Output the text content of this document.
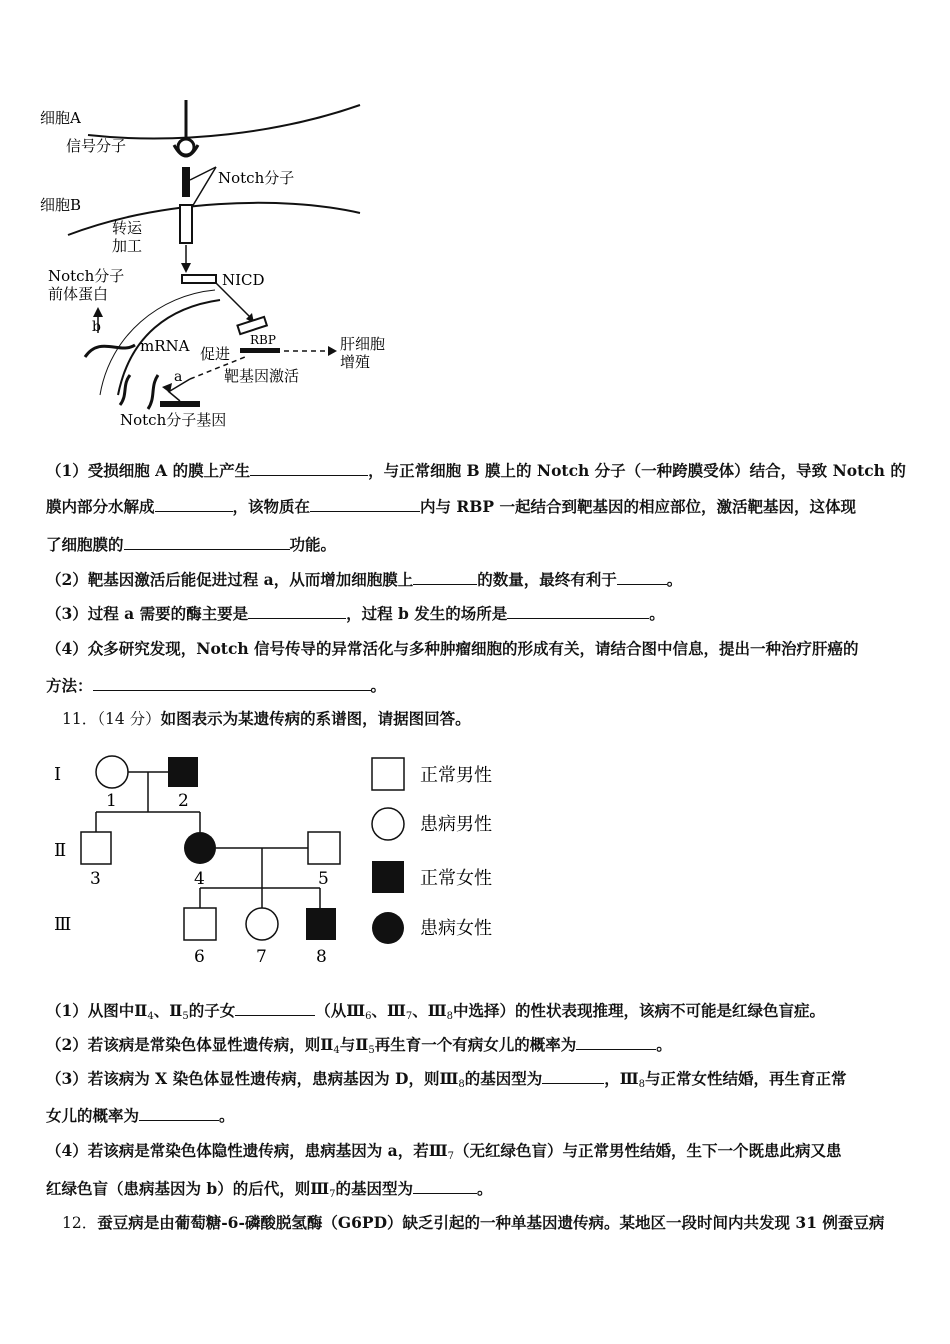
细胞A
信号分子
Notch分子
细胞B
转运
加工
NICD
Notch分子
前体蛋白
b
mRNA 促进
RBP	肝细胞
增殖
a	靶基因激活
Notch分子基因
（1）受损细胞 A 的膜上产生	，与正常细胞 B 膜上的 Notch 分子（一种跨膜受体）结合，导致 Notch 的
膜内部分水解成	，该物质在	内与 RBP 一起结合到靶基因的相应部位，激活靶基因，这体现
了细胞膜的	功能。
（2）靶基因激活后能促进过程 a，从而增加细胞膜上	的数量，最终有利于	。
（3）过程 a 需要的酶主要是	，过程 b 发生的场所是	。
（4）众多研究发现，Notch 信号传导的异常活化与多种肿瘤细胞的形成有关，请结合图中信息，提出一种治疗肝癌的
方法：	。
11．（14 分）如图表示为某遗传病的系谱图，请据图回答。
Ⅰ
Ⅱ
Ⅲ
1	2
3	4	5
6	7	8
正常男性
患病男性
正常女性
患病女性
（1）从图中$Ⅱ_4$、$Ⅱ_5$的子女	（从$Ⅲ_6$、$Ⅲ_7$、$Ⅲ_8$中选择）的性状表现推理，该病不可能是红绿色盲症。
（2）若该病是常染色体显性遗传病，则$Ⅱ_4$与$Ⅱ_5$再生育一个有病女儿的概率为	。
（3）若该病为 X 染色体显性遗传病，患病基因为 D，则$Ⅲ_8$的基因型为	，$Ⅲ_8$与正常女性结婚，再生育正常
女儿的概率为	。
（4）若该病是常染色体隐性遗传病，患病基因为 a，若$Ⅲ_7$（无红绿色盲）与正常男性结婚，生下一个既患此病又患
红绿色盲（患病基因为 b）的后代，则$Ⅲ_7$的基因型为	。
12．蚕豆病是由葡萄糖-6-磷酸脱氢酶（G6PD）缺乏引起的一种单基因遗传病。某地区一段时间内共发现 31 例蚕豆病
